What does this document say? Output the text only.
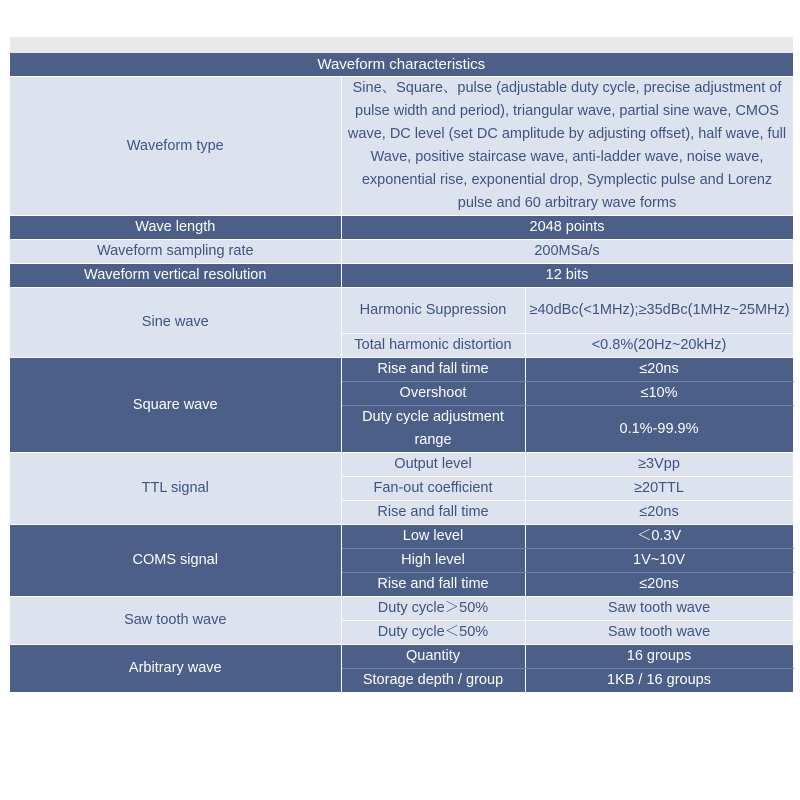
Waveform characteristics		
Waveform type	Sine、Square、pulse (adjustable duty cycle, precise adjustment of pulse width and period), triangular wave, partial sine wave, CMOS wave, DC level (set DC amplitude by adjusting offset), half wave, full Wave, positive staircase wave, anti-ladder wave, noise wave, exponential rise, exponential drop, Symplectic pulse and Lorenz pulse and 60 arbitrary wave forms	
Wave length	2048 points	
Waveform sampling rate	200MSa/s	
Waveform vertical resolution	12 bits	
Sine wave	Harmonic Suppression	≥40dBc(<1MHz);≥35dBc(1MHz~25MHz)
	Total harmonic distortion	<0.8%(20Hz~20kHz)
Square wave	Rise and fall time	≤20ns
	Overshoot	≤10%
	Duty cycle adjustment range	0.1%-99.9%
TTL signal	Output level	≥3Vpp
	Fan-out coefficient	≥20TTL
	Rise and fall time	≤20ns
COMS signal	Low level	＜0.3V
	High level	1V~10V
	Rise and fall time	≤20ns
Saw tooth wave	Duty cycle＞50%	Saw tooth wave
	Duty cycle＜50%	Saw tooth wave
Arbitrary wave	Quantity	16 groups
	Storage depth / group	1KB / 16 groups
